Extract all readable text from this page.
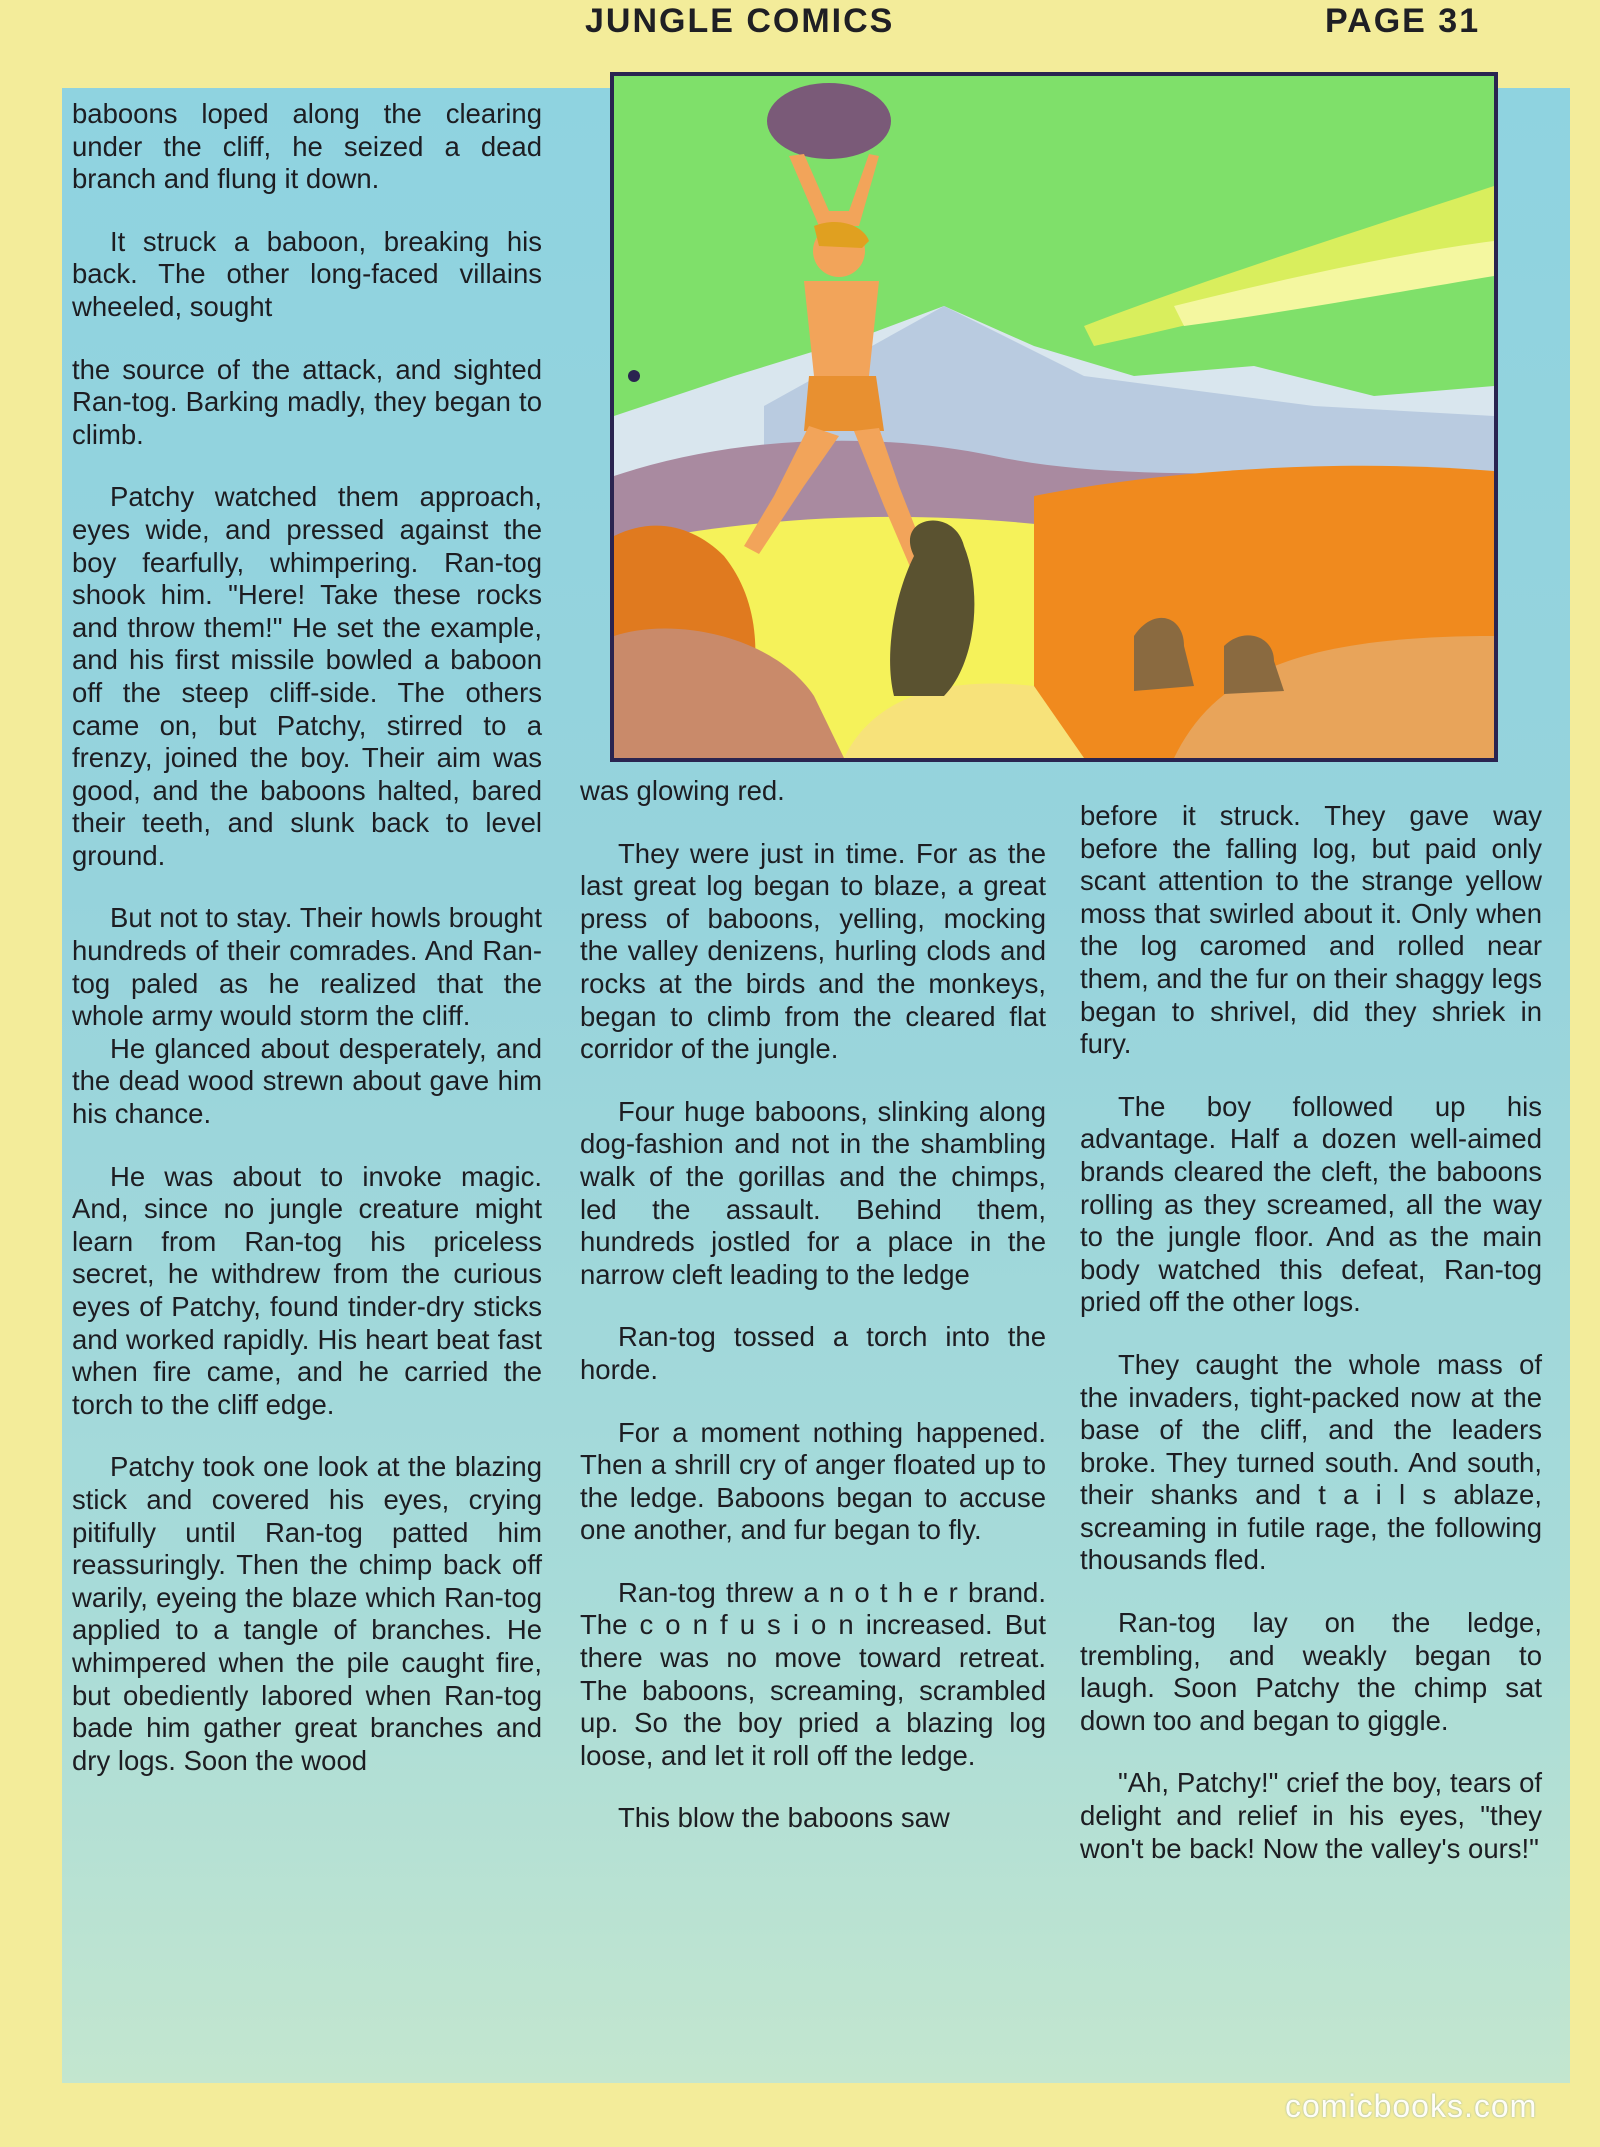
JUNGLE COMICS	PAGE 31

baboons loped along the clearing under the cliff, he seized a dead branch and flung it down.

It struck a baboon, breaking his back. The other long-faced villains wheeled, sought

the source of the attack, and sighted Ran-tog. Barking madly, they began to climb.

Patchy watched them approach, eyes wide, and pressed against the boy fearfully, whimpering. Ran-tog shook him. "Here! Take these rocks and throw them!" He set the example, and his first missile bowled a baboon off the steep cliff-side. The others came on, but Patchy, stirred to a frenzy, joined the boy. Their aim was good, and the baboons halted, bared their teeth, and slunk back to level ground.

But not to stay. Their howls brought hundreds of their comrades. And Ran-tog paled as he realized that the whole army would storm the cliff.

He glanced about desperately, and the dead wood strewn about gave him his chance.

He was about to invoke magic. And, since no jungle creature might learn from Ran-tog his priceless secret, he withdrew from the curious eyes of Patchy, found tinder-dry sticks and worked rapidly. His heart beat fast when fire came, and he carried the torch to the cliff edge.

Patchy took one look at the blazing stick and covered his eyes, crying pitifully until Ran-tog patted him reassuringly. Then the chimp back off warily, eyeing the blaze which Ran-tog applied to a tangle of branches. He whimpered when the pile caught fire, but obediently labored when Ran-tog bade him gather great branches and dry logs. Soon the wood

was glowing red.

They were just in time. For as the last great log began to blaze, a great press of baboons, yelling, mocking the valley denizens, hurling clods and rocks at the birds and the monkeys, began to climb from the cleared flat corridor of the jungle.

Four huge baboons, slinking along dog-fashion and not in the shambling walk of the gorillas and the chimps, led the assault. Behind them, hundreds jostled for a place in the narrow cleft leading to the ledge

Ran-tog tossed a torch into the horde.

For a moment nothing happened. Then a shrill cry of anger floated up to the ledge. Baboons began to accuse one another, and fur began to fly.

Ran-tog threw a n o t h e r brand. The c o n f u s i o n increased. But there was no move toward retreat. The baboons, screaming, scrambled up. So the boy pried a blazing log loose, and let it roll off the ledge.

This blow the baboons saw

before it struck. They gave way before the falling log, but paid only scant attention to the strange yellow moss that swirled about it. Only when the log caromed and rolled near them, and the fur on their shaggy legs began to shrivel, did they shriek in fury.

The boy followed up his advantage. Half a dozen well-aimed brands cleared the cleft, the baboons rolling as they screamed, all the way to the jungle floor. And as the main body watched this defeat, Ran-tog pried off the other logs.

They caught the whole mass of the invaders, tight-packed now at the base of the cliff, and the leaders broke. They turned south. And south, their shanks and t a i l s ablaze, screaming in futile rage, the following thousands fled.

Ran-tog lay on the ledge, trembling, and weakly began to laugh. Soon Patchy the chimp sat down too and began to giggle.

"Ah, Patchy!" crief the boy, tears of delight and relief in his eyes, "they won't be back! Now the valley's ours!"

comicbooks.com
